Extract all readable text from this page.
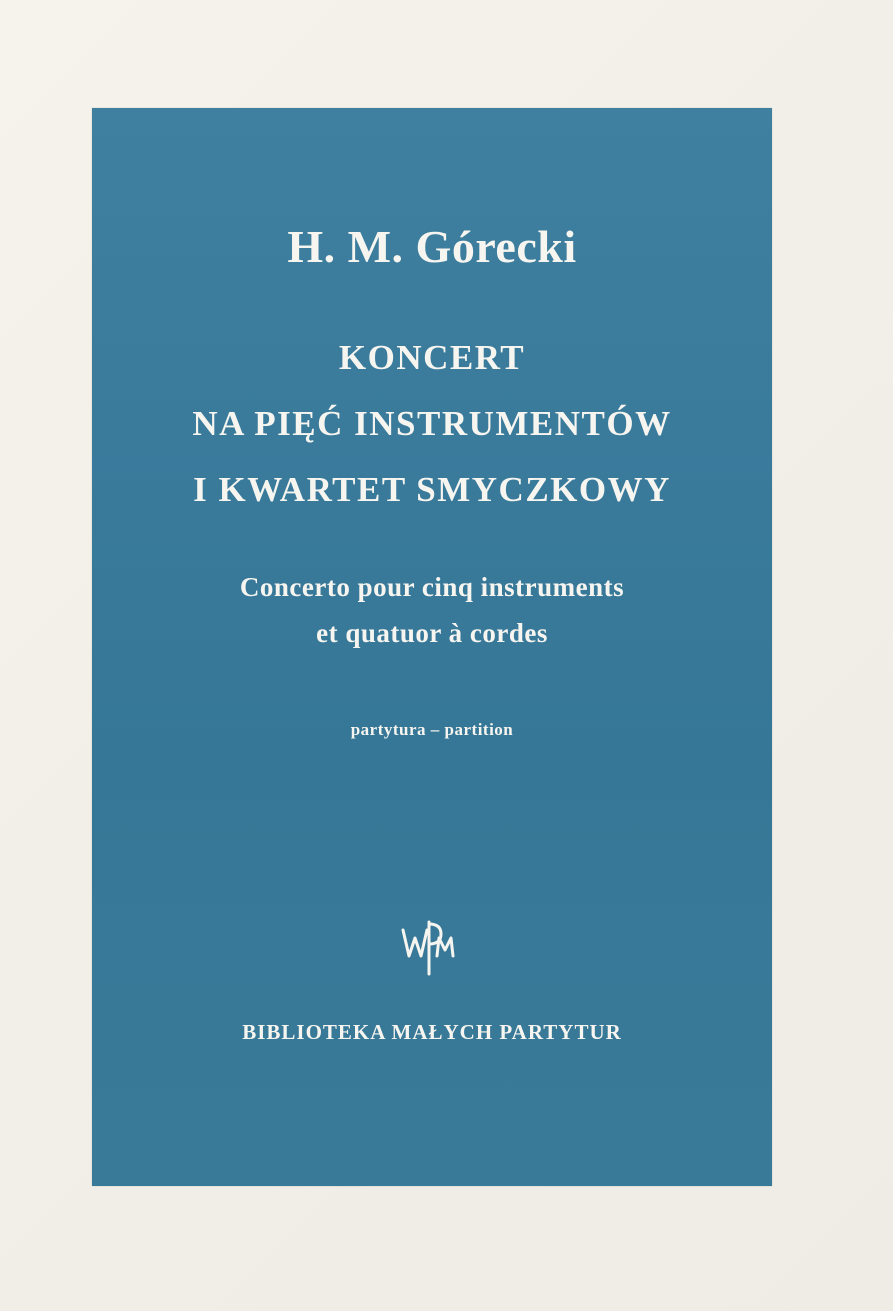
H. M. Górecki
KONCERT
NA PIĘĆ INSTRUMENTÓW
I KWARTET SMYCZKOWY
Concerto pour cinq instruments
et quatuor à cordes
partytura – partition
BIBLIOTEKA MAŁYCH PARTYTUR
